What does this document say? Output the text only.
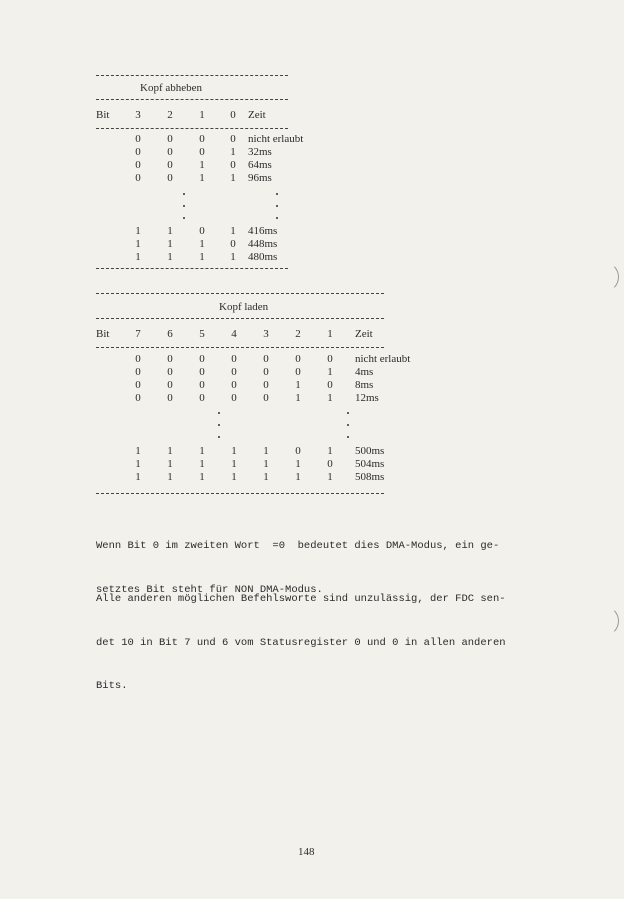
Kopf abheben
Bit	3	2	1	0	Zeit
0	0	0	0	nicht erlaubt
0	0	0	1	32ms
0	0	1	0	64ms
0	0	1	1	96ms
1	1	0	1	416ms
1	1	1	0	448ms
1	1	1	1	480ms
Kopf laden
Bit	7	6	5	4	3	2	1	Zeit
0	0	0	0	0	0	0	nicht erlaubt
0	0	0	0	0	0	1	4ms
0	0	0	0	0	1	0	8ms
0	0	0	0	0	1	1	12ms
1	1	1	1	1	0	1	500ms
1	1	1	1	1	1	0	504ms
1	1	1	1	1	1	1	508ms

Wenn Bit 0 im zweiten Wort  =0  bedeutet dies DMA-Modus, ein ge-

setztes Bit steht für NON DMA-Modus.

Alle anderen möglichen Befehlsworte sind unzulässig, der FDC sen-

det 10 in Bit 7 und 6 vom Statusregister 0 und 0 in allen anderen

Bits.

148
